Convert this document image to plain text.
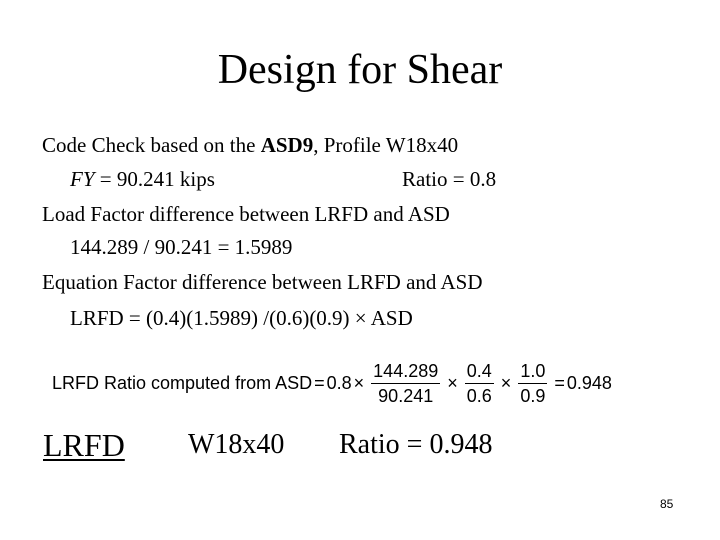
Design for Shear
Code Check based on the ASD9, Profile W18x40
FY = 90.241 kips	Ratio = 0.8
Load Factor difference between LRFD and ASD
144.289 / 90.241 = 1.5989
Equation Factor difference between LRFD and ASD
LRFD = (0.4)(1.5989) /(0.6)(0.9) × ASD
LRFD Ratio computed from ASD = $0.8 \times \frac{144.289}{90.241} \times \frac{0.4}{0.6} \times \frac{1.0}{0.9} = 0.948$
LRFD W18x40 Ratio = 0.948
85
